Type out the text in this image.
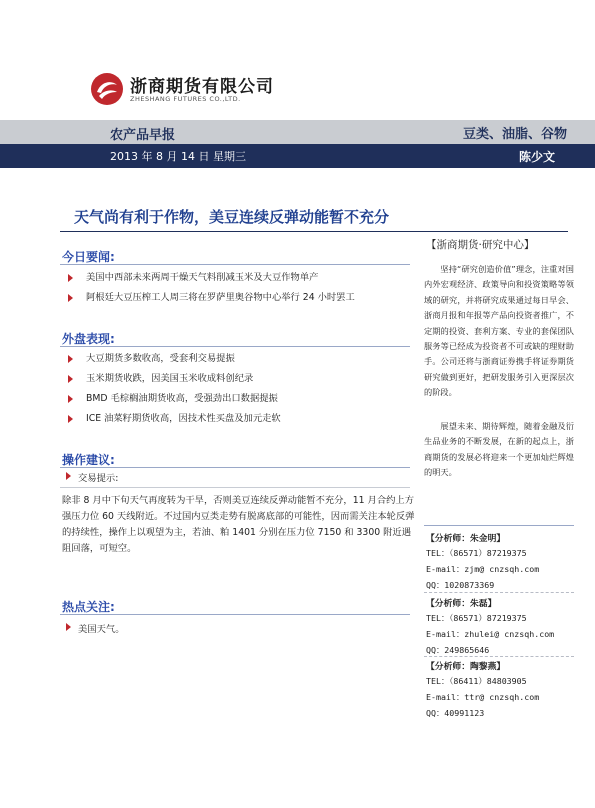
浙商期货有限公司
ZHESHANG FUTURES CO.,LTD.
农产品早报	豆类、油脂、谷物
2013 年 8 月 14 日 星期三	陈少文
天气尚有利于作物，美豆连续反弹动能暂不充分
今日要闻:
美国中西部未来两周干燥天气料削减玉米及大豆作物单产
阿根廷大豆压榨工人周三将在罗萨里奥谷物中心举行 24 小时罢工
外盘表现:
大豆期货多数收高，受套利交易提振
玉米期货收跌，因美国玉米收成料创纪录
BMD 毛棕榈油期货收高，受强劲出口数据提振
ICE 油菜籽期货收高，因技术性买盘及加元走软
操作建议:
交易提示:

除非 8 月中下旬天气再度转为干旱，否则美豆连续反弹动能暂不充分，11 月合约上方强压力位 60 天线附近。不过国内豆类走势有脱离底部的可能性，因而需关注本轮反弹的持续性，操作上以观望为主，若油、粕 1401 分别在压力位 7150 和 3300 附近遇阻回落，可短空。

热点关注:
美国天气。
【浙商期货·研究中心】

坚持“研究创造价值”理念，注重对国内外宏观经济、政策导向和投资策略等领域的研究，并将研究成果通过每日早会、浙商月报和年报等产品向投资者推广，不定期的投资、套利方案、专业的套保团队服务等已经成为投资者不可或缺的理财助手。公司还将与浙商证券携手将证券期货研究做到更好，把研发服务引入更深层次的阶段。

展望未来、期待辉煌，随着金融及衍生品业务的不断发展，在新的起点上，浙商期货的发展必将迎来一个更加灿烂辉煌的明天。

【分析师：朱金明】
TEL：（86571）87219375
E-mail：zjm@ cnzsqh.com
QQ：1020873369
【分析师：朱磊】
TEL：（86571）87219375
E-mail：zhulei@ cnzsqh.com
QQ：249865646
【分析师：陶黎燕】
TEL：（86411）84803905
E-mail：ttr@ cnzsqh.com
QQ：40991123
